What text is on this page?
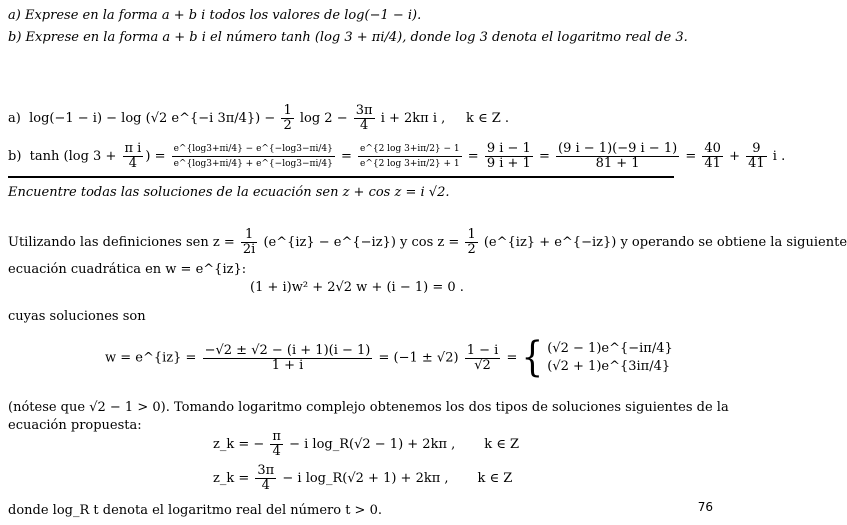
a) Exprese en la forma a + b i todos los valores de log(−1 − i).
b) Exprese en la forma a + b i el número tanh (log 3 + πi/4), donde log 3 denota el logaritmo real de 3.
a) log(−1 − i) − log (√2 e^{−i $3\pi/4\}) - \frac{1}{2}$ $\log 2 - \frac{3\pi}{4}$ i + 2kπ i , k ∈ Z .
b) tanh (log $3 + \frac{\text{π i}}{4}$ ) = $\frac{e\^{}\{\log 3+\pi i/4\} - e\^{}\{-\log 3-\pi i/4\}}{e\^{}\{\log 3+\pi i/4\} + e\^{}\{-\log 3-\pi i/4\}} = \frac{e\^{}\{2 \log 3+i\pi/2\} - 1}{e\^{}\{2 \log 3+i\pi/2\} + 1} = \frac{9 i - 1}{9 i + 1} = \frac{(9 i - 1)(-9 i - 1)}{81 + 1} = \frac{40}{41} + \frac{9}{41}$ i .
Encuentre todas las soluciones de la ecuación sen z + cos z = i √2.
Utilizando las definiciones sen $z = \frac{1}{2i}$ (e^{iz} − e^{−iz}) y $\cos z = \frac{1}{2}$ (e^{iz} + e^{−iz}) y operando se obtiene la siguiente
ecuación cuadrática en w = e^{iz}:
(1 + i)w² + 2√2 w + (i − 1) = 0 .
cuyas soluciones son
w = e^{iz} = $\frac{-√2 \pm √2 - (i + 1)(i - 1)}{1 + i} = (-1 \pm √2) \frac{1 - i}{√2}$ = { (√2 − 1)e^{−iπ/4}
(√2 + 1)e^{3iπ/4}
(nótese que √2 − 1 > 0). Tomando logaritmo complejo obtenemos los dos tipos de soluciones siguientes de la
ecuación propuesta:
z_k = − $\frac{\pi}{4} - i$ log_R(√2 − 1) + 2kπ , k ∈ Z
z_k = $\frac{3\pi}{4} - i$ log_R(√2 + 1) + 2kπ , k ∈ Z
donde log_R t denota el logaritmo real del número t > 0.	76
